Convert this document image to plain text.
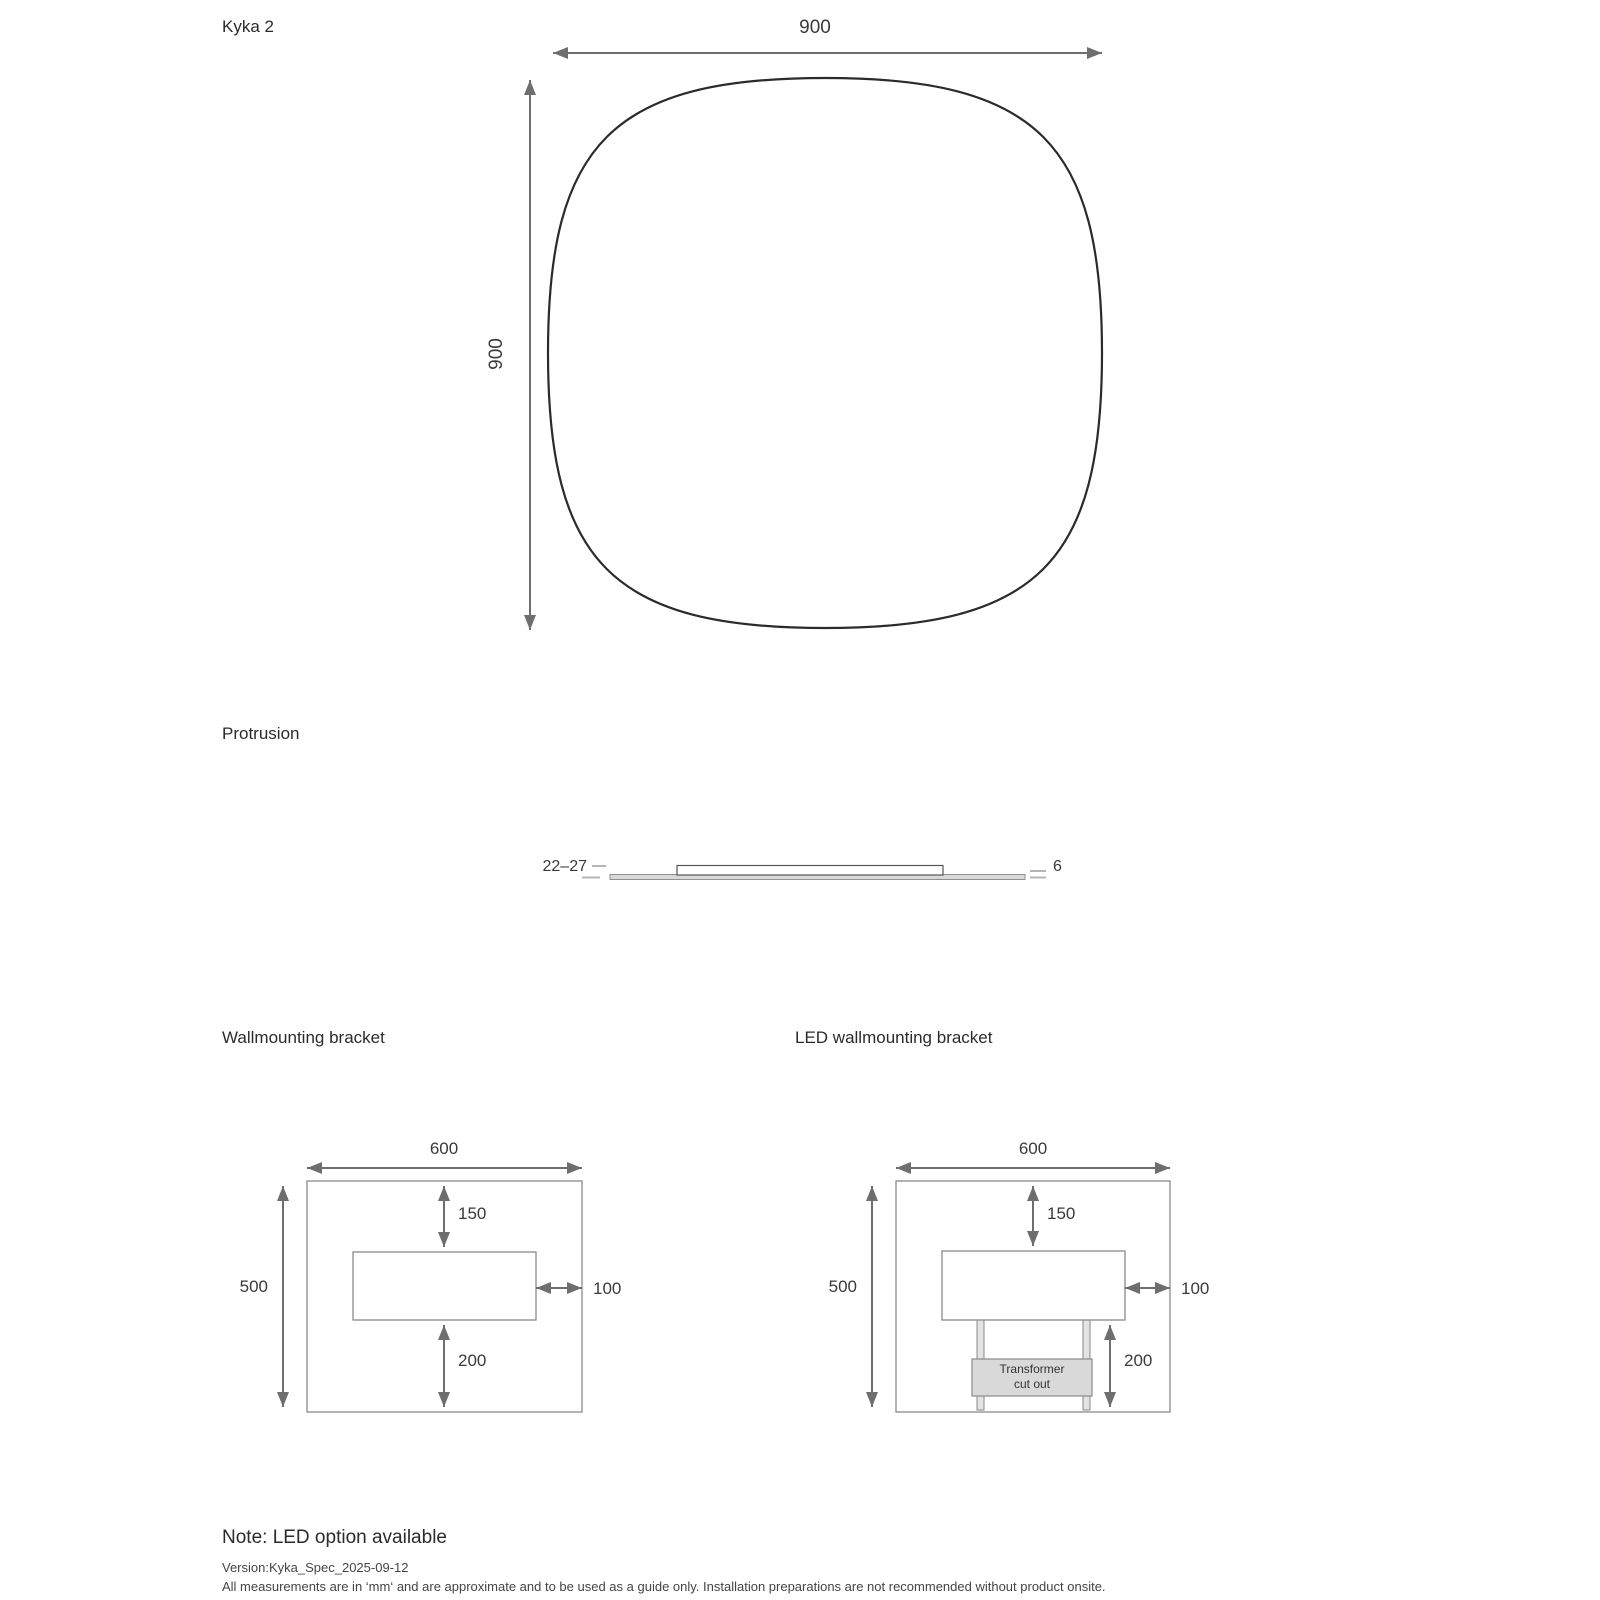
Kyka 2	900
900
Protrusion
22–27	6
Wallmounting bracket	LED wallmounting bracket
600
500
150
100
200
600
500
150
100
200
Transformer
cut out
Note: LED option available
Version:Kyka_Spec_2025-09-12
All measurements are in ‘mm‘ and are approximate and to be used as a guide only. Installation preparations are not recommended without product onsite.
